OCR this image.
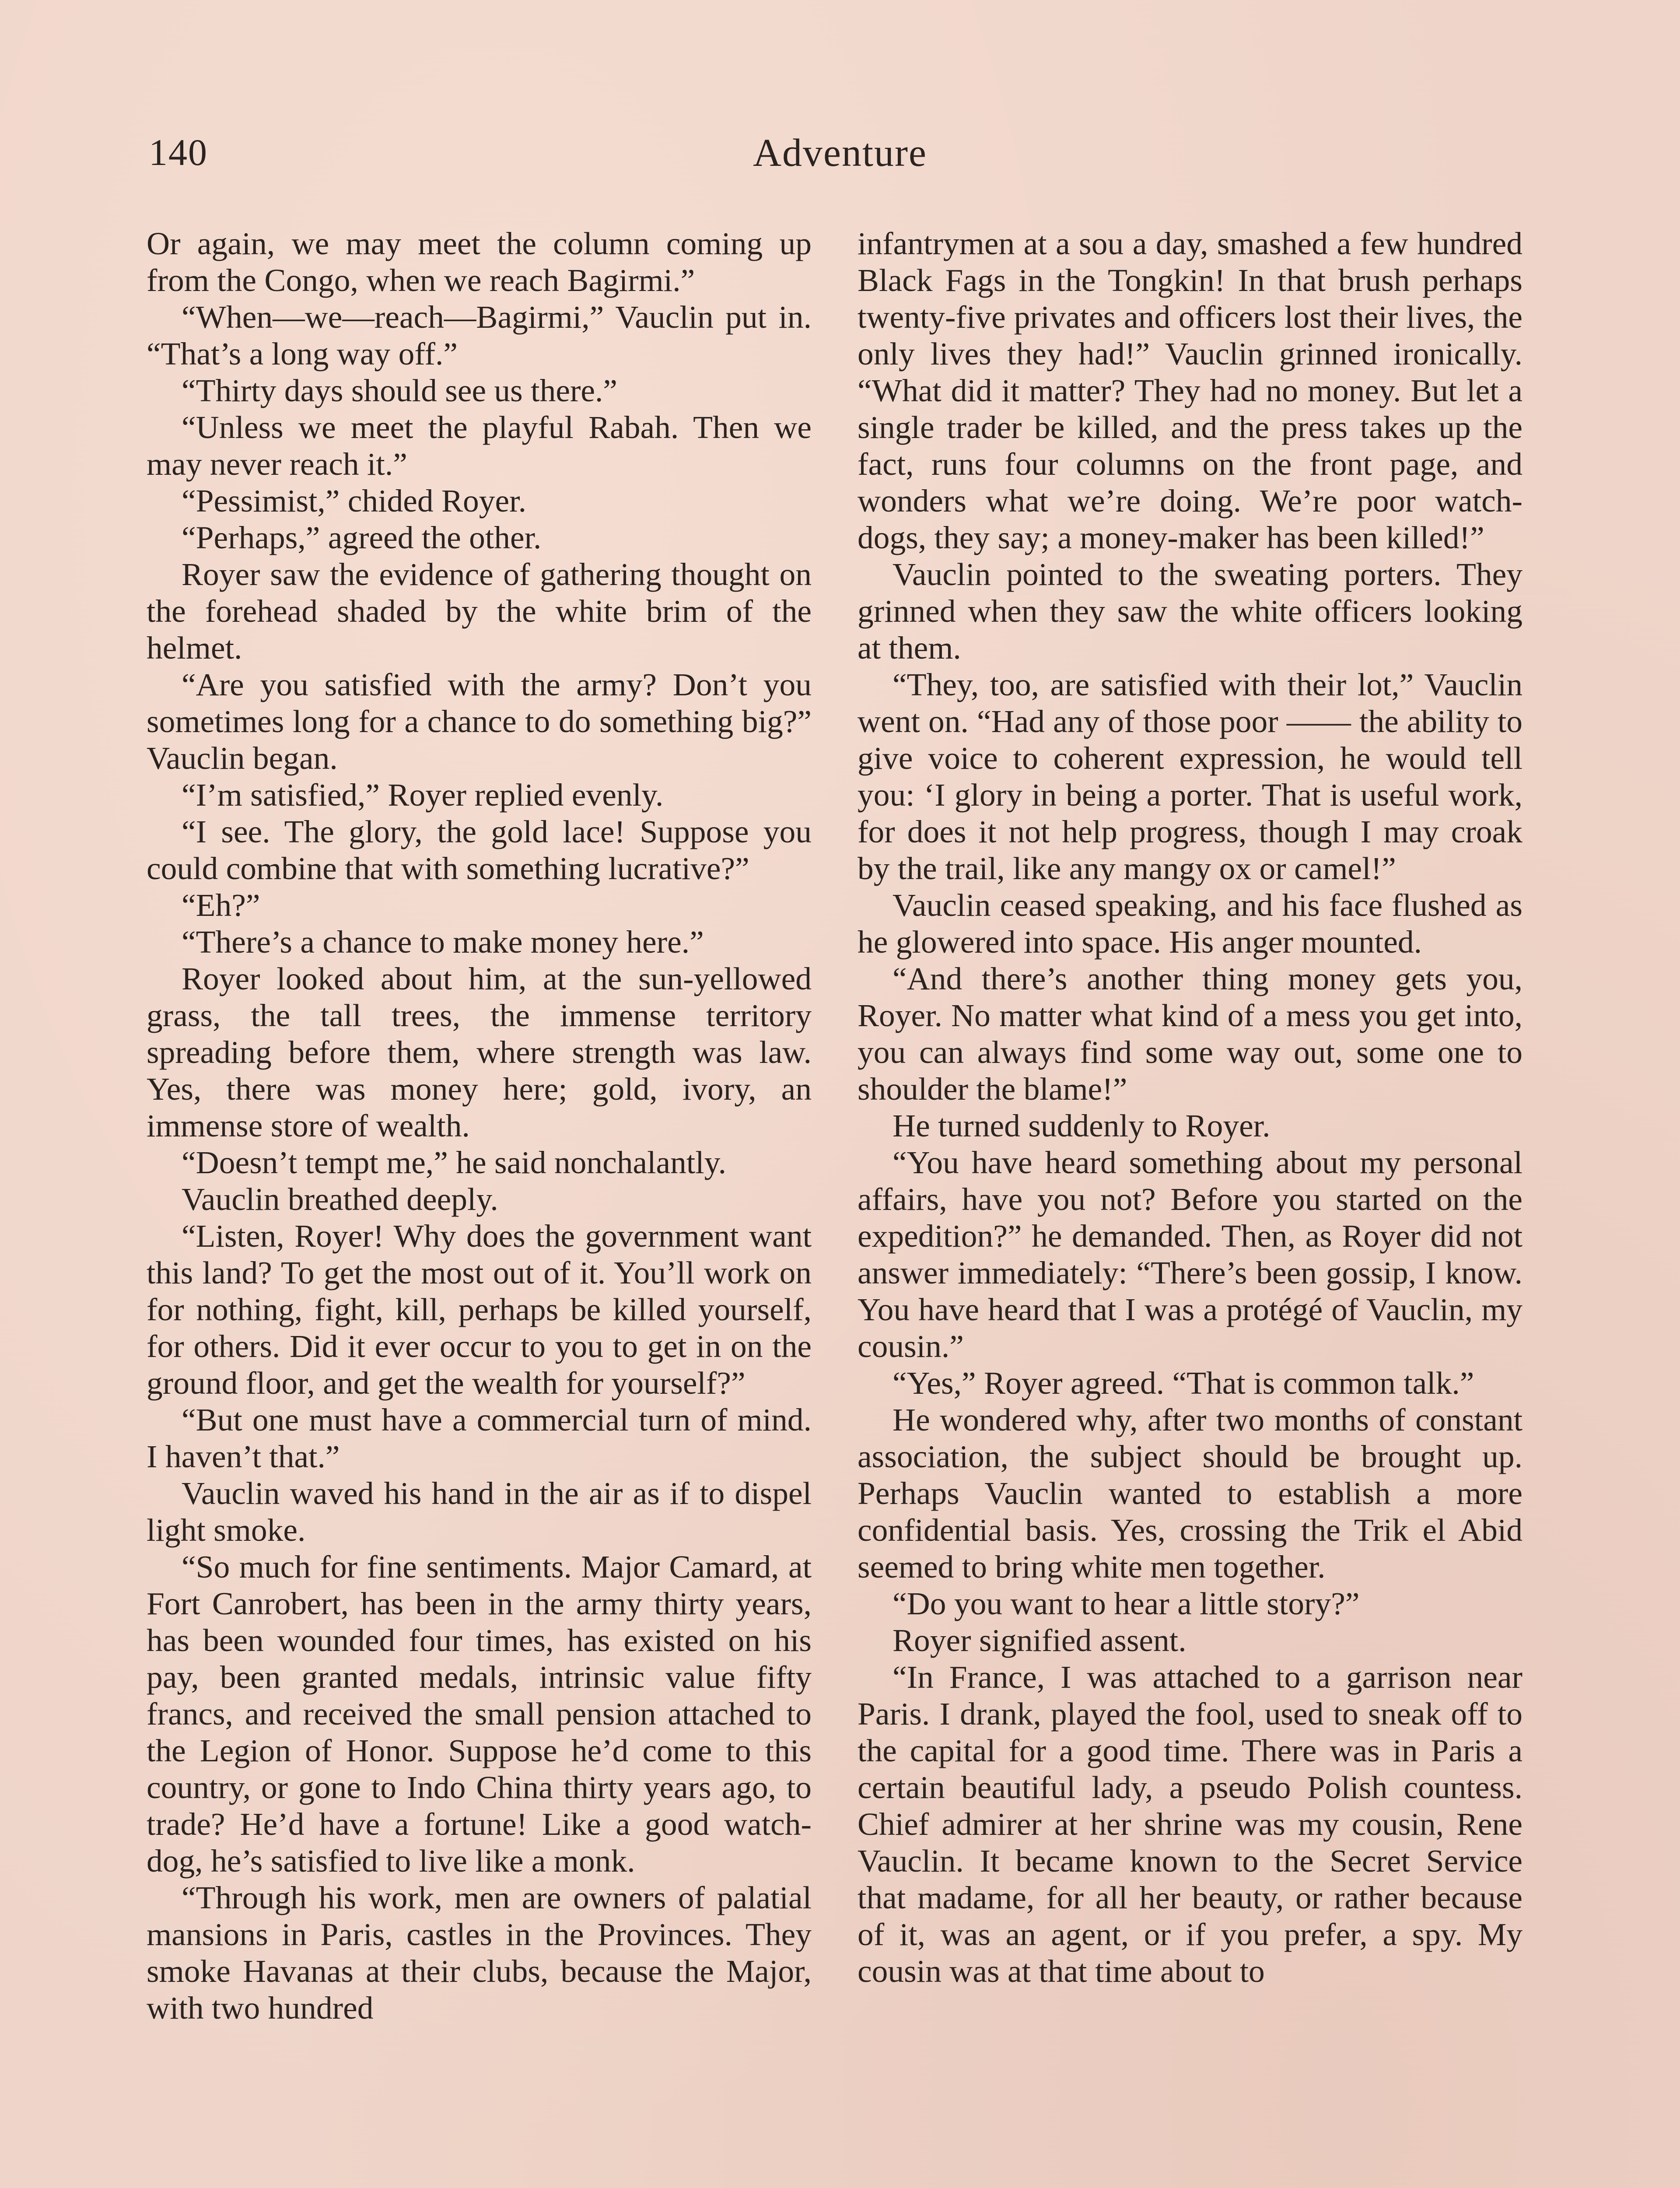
140	Adventure

Or again, we may meet the column coming up from the Congo, when we reach Bagirmi.”

“When—we—reach—Bagirmi,” Vauclin put in. “That’s a long way off.”

“Thirty days should see us there.”

“Unless we meet the playful Rabah. Then we may never reach it.”

“Pessimist,” chided Royer.

“Perhaps,” agreed the other.

Royer saw the evidence of gathering thought on the forehead shaded by the white brim of the helmet.

“Are you satisfied with the army? Don’t you sometimes long for a chance to do something big?” Vauclin began.

“I’m satisfied,” Royer replied evenly.

“I see. The glory, the gold lace! Suppose you could combine that with something lucrative?”

“Eh?”

“There’s a chance to make money here.”

Royer looked about him, at the sun-yellowed grass, the tall trees, the immense territory spreading before them, where strength was law. Yes, there was money here; gold, ivory, an immense store of wealth.

“Doesn’t tempt me,” he said nonchalantly.

Vauclin breathed deeply.

“Listen, Royer! Why does the government want this land? To get the most out of it. You’ll work on for nothing, fight, kill, perhaps be killed yourself, for others. Did it ever occur to you to get in on the ground floor, and get the wealth for yourself?”

“But one must have a commercial turn of mind. I haven’t that.”

Vauclin waved his hand in the air as if to dispel light smoke.

“So much for fine sentiments. Major Camard, at Fort Canrobert, has been in the army thirty years, has been wounded four times, has existed on his pay, been granted medals, intrinsic value fifty francs, and received the small pension attached to the Legion of Honor. Suppose he’d come to this country, or gone to Indo China thirty years ago, to trade? He’d have a fortune! Like a good watch-dog, he’s satisfied to live like a monk.

“Through his work, men are owners of palatial mansions in Paris, castles in the Provinces. They smoke Havanas at their clubs, because the Major, with two hundred

infantrymen at a sou a day, smashed a few hundred Black Fags in the Tongkin! In that brush perhaps twenty-five privates and officers lost their lives, the only lives they had!” Vauclin grinned ironically. “What did it matter? They had no money. But let a single trader be killed, and the press takes up the fact, runs four columns on the front page, and wonders what we’re doing. We’re poor watch-dogs, they say; a money-maker has been killed!”

Vauclin pointed to the sweating porters. They grinned when they saw the white officers looking at them.

“They, too, are satisfied with their lot,” Vauclin went on. “Had any of those poor —— the ability to give voice to coherent expression, he would tell you: ‘I glory in being a porter. That is useful work, for does it not help progress, though I may croak by the trail, like any mangy ox or camel!”

Vauclin ceased speaking, and his face flushed as he glowered into space. His anger mounted.

“And there’s another thing money gets you, Royer. No matter what kind of a mess you get into, you can always find some way out, some one to shoulder the blame!”

He turned suddenly to Royer.

“You have heard something about my personal affairs, have you not? Before you started on the expedition?” he demanded. Then, as Royer did not answer immediately: “There’s been gossip, I know. You have heard that I was a protégé of Vauclin, my cousin.”

“Yes,” Royer agreed. “That is common talk.”

He wondered why, after two months of constant association, the subject should be brought up. Perhaps Vauclin wanted to establish a more confidential basis. Yes, crossing the Trik el Abid seemed to bring white men together.

“Do you want to hear a little story?”

Royer signified assent.

“In France, I was attached to a garrison near Paris. I drank, played the fool, used to sneak off to the capital for a good time. There was in Paris a certain beautiful lady, a pseudo Polish countess. Chief admirer at her shrine was my cousin, Rene Vauclin. It became known to the Secret Service that madame, for all her beauty, or rather because of it, was an agent, or if you prefer, a spy. My cousin was at that time about to
